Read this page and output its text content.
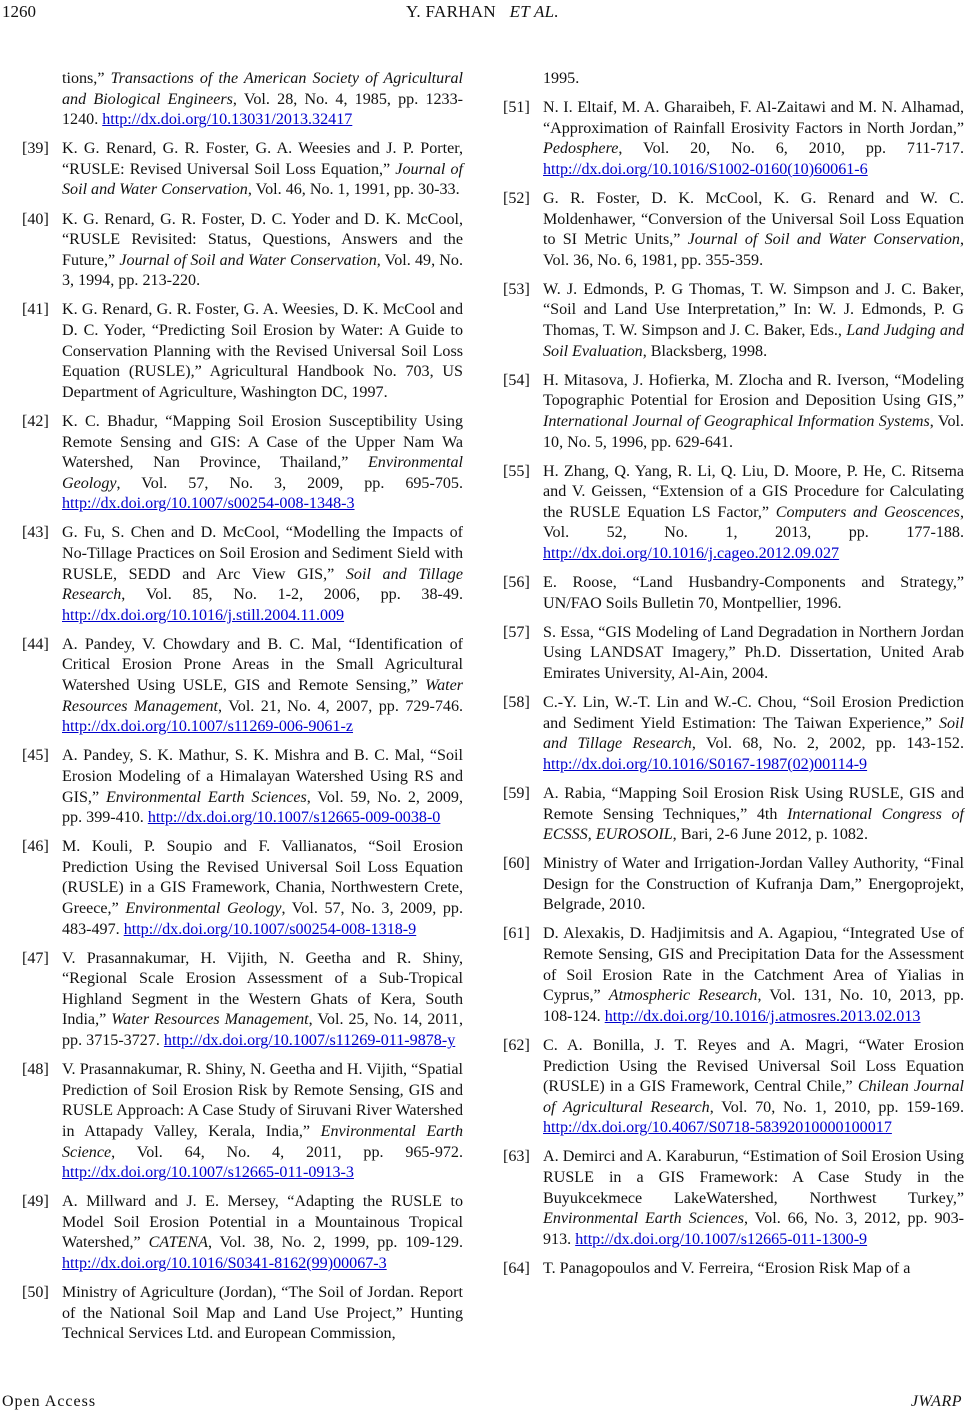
1260	Y. FARHAN ET AL.
tions,” Transactions of the American Society of Agricultural and Biological Engineers, Vol. 28, No. 4, 1985, pp. 1233-1240. http://dx.doi.org/10.13031/2013.32417
[39] K. G. Renard, G. R. Foster, G. A. Weesies and J. P. Porter, “RUSLE: Revised Universal Soil Loss Equation,” Journal of Soil and Water Conservation, Vol. 46, No. 1, 1991, pp. 30-33.
[40] K. G. Renard, G. R. Foster, D. C. Yoder and D. K. McCool, “RUSLE Revisited: Status, Questions, Answers and the Future,” Journal of Soil and Water Conservation, Vol. 49, No. 3, 1994, pp. 213-220.
[41] K. G. Renard, G. R. Foster, G. A. Weesies, D. K. McCool and D. C. Yoder, “Predicting Soil Erosion by Water: A Guide to Conservation Planning with the Revised Universal Soil Loss Equation (RUSLE),” Agricultural Handbook No. 703, US Department of Agriculture, Washington DC, 1997.
[42] K. C. Bhadur, “Mapping Soil Erosion Susceptibility Using Remote Sensing and GIS: A Case of the Upper Nam Wa Watershed, Nan Province, Thailand,” Environmental Geology, Vol. 57, No. 3, 2009, pp. 695-705. http://dx.doi.org/10.1007/s00254-008-1348-3
[43] G. Fu, S. Chen and D. McCool, “Modelling the Impacts of No-Tillage Practices on Soil Erosion and Sediment Sield with RUSLE, SEDD and Arc View GIS,” Soil and Tillage Research, Vol. 85, No. 1-2, 2006, pp. 38-49. http://dx.doi.org/10.1016/j.still.2004.11.009
[44] A. Pandey, V. Chowdary and B. C. Mal, “Identification of Critical Erosion Prone Areas in the Small Agricultural Watershed Using USLE, GIS and Remote Sensing,” Water Resources Management, Vol. 21, No. 4, 2007, pp. 729-746. http://dx.doi.org/10.1007/s11269-006-9061-z
[45] A. Pandey, S. K. Mathur, S. K. Mishra and B. C. Mal, “Soil Erosion Modeling of a Himalayan Watershed Using RS and GIS,” Environmental Earth Sciences, Vol. 59, No. 2, 2009, pp. 399-410. http://dx.doi.org/10.1007/s12665-009-0038-0
[46] M. Kouli, P. Soupio and F. Vallianatos, “Soil Erosion Prediction Using the Revised Universal Soil Loss Equation (RUSLE) in a GIS Framework, Chania, Northwestern Crete, Greece,” Environmental Geology, Vol. 57, No. 3, 2009, pp. 483-497. http://dx.doi.org/10.1007/s00254-008-1318-9
[47] V. Prasannakumar, H. Vijith, N. Geetha and R. Shiny, “Regional Scale Erosion Assessment of a Sub-Tropical Highland Segment in the Western Ghats of Kera, South India,” Water Resources Management, Vol. 25, No. 14, 2011, pp. 3715-3727. http://dx.doi.org/10.1007/s11269-011-9878-y
[48] V. Prasannakumar, R. Shiny, N. Geetha and H. Vijith, “Spatial Prediction of Soil Erosion Risk by Remote Sensing, GIS and RUSLE Approach: A Case Study of Siruvani River Watershed in Attapady Valley, Kerala, India,” Environmental Earth Science, Vol. 64, No. 4, 2011, pp. 965-972. http://dx.doi.org/10.1007/s12665-011-0913-3
[49] A. Millward and J. E. Mersey, “Adapting the RUSLE to Model Soil Erosion Potential in a Mountainous Tropical Watershed,” CATENA, Vol. 38, No. 2, 1999, pp. 109-129. http://dx.doi.org/10.1016/S0341-8162(99)00067-3
[50] Ministry of Agriculture (Jordan), “The Soil of Jordan. Report of the National Soil Map and Land Use Project,” Hunting Technical Services Ltd. and European Commission,
1995.
[51] N. I. Eltaif, M. A. Gharaibeh, F. Al-Zaitawi and M. N. Alhamad, “Approximation of Rainfall Erosivity Factors in North Jordan,” Pedosphere, Vol. 20, No. 6, 2010, pp. 711-717. http://dx.doi.org/10.1016/S1002-0160(10)60061-6
[52] G. R. Foster, D. K. McCool, K. G. Renard and W. C. Moldenhawer, “Conversion of the Universal Soil Loss Equation to SI Metric Units,” Journal of Soil and Water Conservation, Vol. 36, No. 6, 1981, pp. 355-359.
[53] W. J. Edmonds, P. G Thomas, T. W. Simpson and J. C. Baker, “Soil and Land Use Interpretation,” In: W. J. Edmonds, P. G Thomas, T. W. Simpson and J. C. Baker, Eds., Land Judging and Soil Evaluation, Blacksberg, 1998.
[54] H. Mitasova, J. Hofierka, M. Zlocha and R. Iverson, “Modeling Topographic Potential for Erosion and Deposition Using GIS,” International Journal of Geographical Information Systems, Vol. 10, No. 5, 1996, pp. 629-641.
[55] H. Zhang, Q. Yang, R. Li, Q. Liu, D. Moore, P. He, C. Ritsema and V. Geissen, “Extension of a GIS Procedure for Calculating the RUSLE Equation LS Factor,” Computers and Geoscences, Vol. 52, No. 1, 2013, pp. 177-188. http://dx.doi.org/10.1016/j.cageo.2012.09.027
[56] E. Roose, “Land Husbandry-Components and Strategy,” UN/FAO Soils Bulletin 70, Montpellier, 1996.
[57] S. Essa, “GIS Modeling of Land Degradation in Northern Jordan Using LANDSAT Imagery,” Ph.D. Dissertation, United Arab Emirates University, Al-Ain, 2004.
[58] C.-Y. Lin, W.-T. Lin and W.-C. Chou, “Soil Erosion Prediction and Sediment Yield Estimation: The Taiwan Experience,” Soil and Tillage Research, Vol. 68, No. 2, 2002, pp. 143-152. http://dx.doi.org/10.1016/S0167-1987(02)00114-9
[59] A. Rabia, “Mapping Soil Erosion Risk Using RUSLE, GIS and Remote Sensing Techniques,” 4th International Congress of ECSSS, EUROSOIL, Bari, 2-6 June 2012, p. 1082.
[60] Ministry of Water and Irrigation-Jordan Valley Authority, “Final Design for the Construction of Kufranja Dam,” Energoprojekt, Belgrade, 2010.
[61] D. Alexakis, D. Hadjimitsis and A. Agapiou, “Integrated Use of Remote Sensing, GIS and Precipitation Data for the Assessment of Soil Erosion Rate in the Catchment Area of Yialias in Cyprus,” Atmospheric Research, Vol. 131, No. 10, 2013, pp. 108-124. http://dx.doi.org/10.1016/j.atmosres.2013.02.013
[62] C. A. Bonilla, J. T. Reyes and A. Magri, “Water Erosion Prediction Using the Revised Universal Soil Loss Equation (RUSLE) in a GIS Framework, Central Chile,” Chilean Journal of Agricultural Research, Vol. 70, No. 1, 2010, pp. 159-169. http://dx.doi.org/10.4067/S0718-58392010000100017
[63] A. Demirci and A. Karaburun, “Estimation of Soil Erosion Using RUSLE in a GIS Framework: A Case Study in the Buyukcekmece LakeWatershed, Northwest Turkey,” Environmental Earth Sciences, Vol. 66, No. 3, 2012, pp. 903-913. http://dx.doi.org/10.1007/s12665-011-1300-9
[64] T. Panagopoulos and V. Ferreira, “Erosion Risk Map of a
Open Access	JWARP
